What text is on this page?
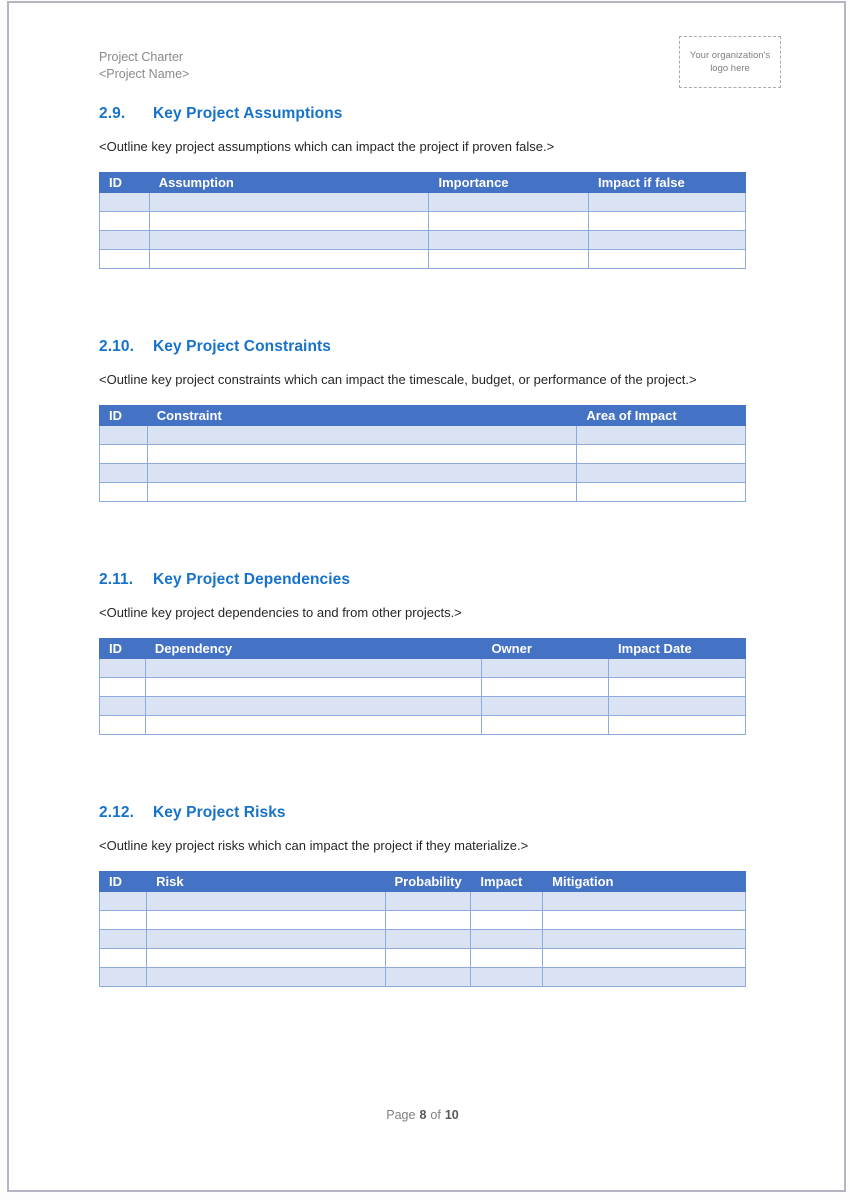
Project Charter
<Project Name>
Your organization's logo here
2.9.	Key Project Assumptions
<Outline key project assumptions which can impact the project if proven false.>
ID	Assumption	Importance	Impact if false

2.10.	Key Project Constraints
<Outline key project constraints which can impact the timescale, budget, or performance of the project.>
ID	Constraint	Area of Impact

2.11.	Key Project Dependencies
<Outline key project dependencies to and from other projects.>
ID	Dependency	Owner	Impact Date

2.12.	Key Project Risks
<Outline key project risks which can impact the project if they materialize.>
ID	Risk	Probability	Impact	Mitigation

Page 8 of 10
